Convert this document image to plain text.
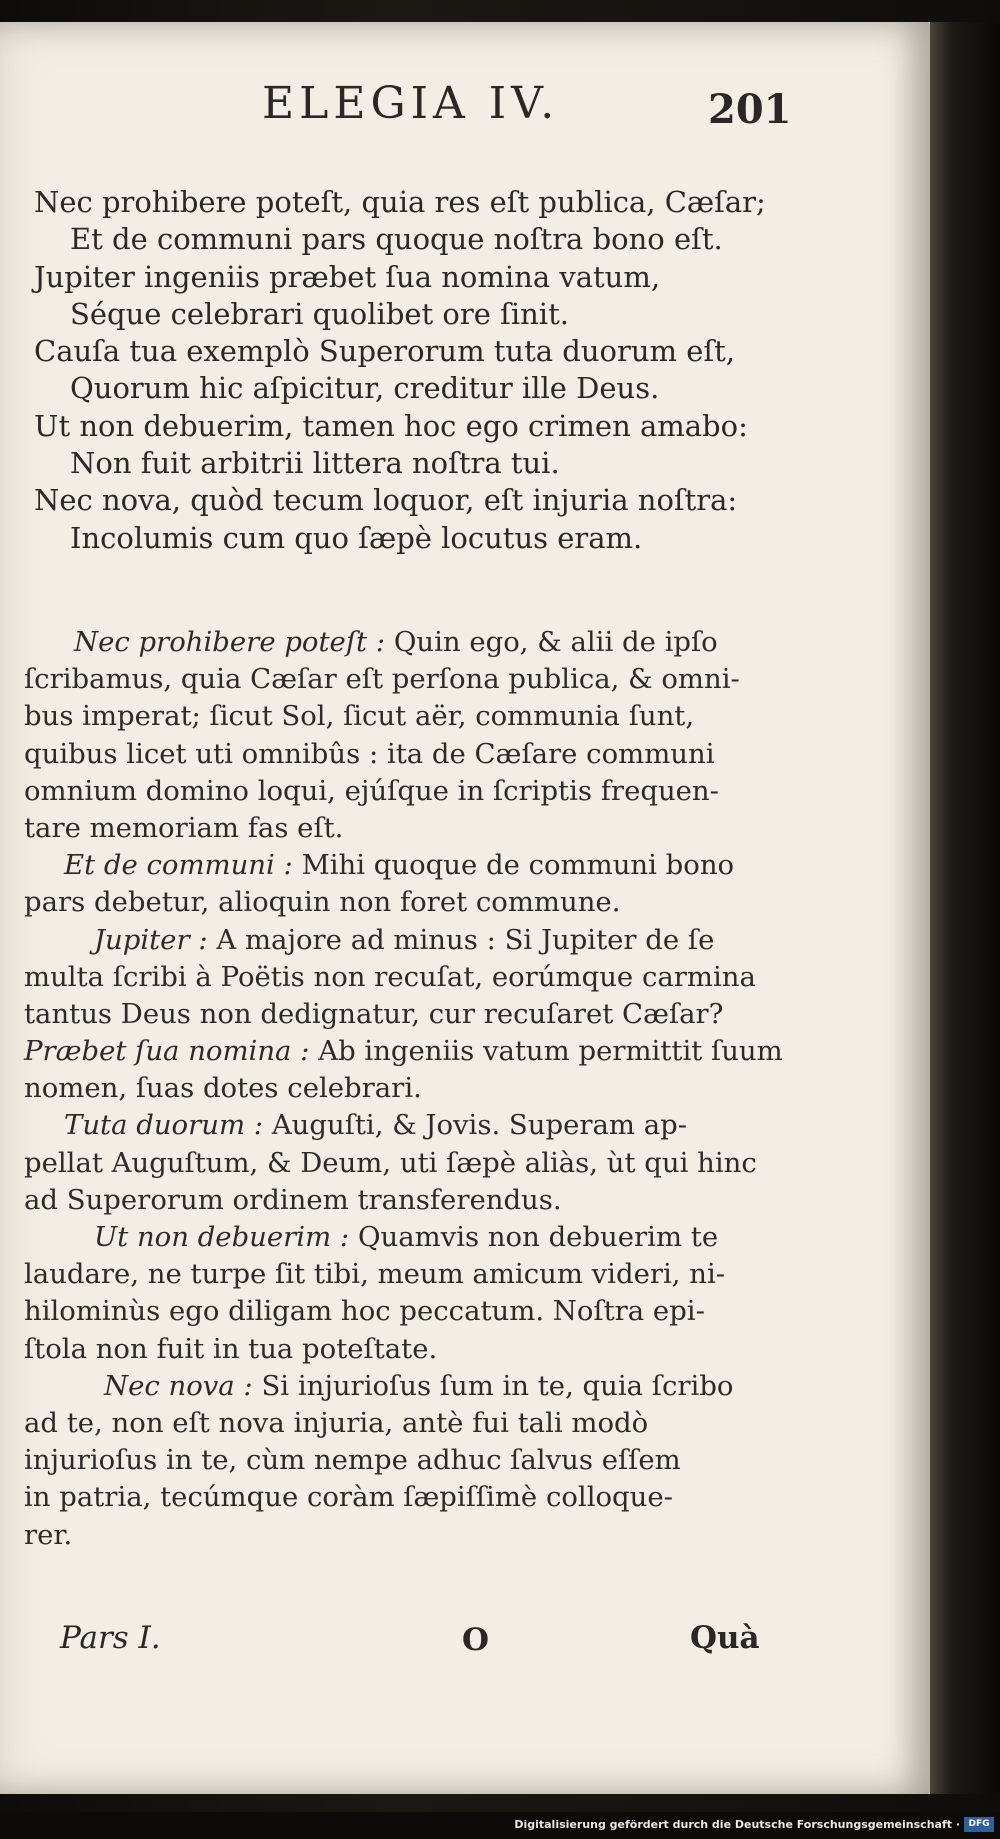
ELEGIA IV.	201
Nec prohibere poteſt, quia res eſt publica, Cæſar;
Et de communi pars quoque noſtra bono eſt.
Jupiter ingeniis præbet ſua nomina vatum,
Séque celebrari quolibet ore ſinit.
Cauſa tua exemplò Superorum tuta duorum eſt,
Quorum hic aſpicitur, creditur ille Deus.
Ut non debuerim, tamen hoc ego crimen amabo:
Non fuit arbitrii littera noſtra tui.
Nec nova, quòd tecum loquor, eſt injuria noſtra:
Incolumis cum quo ſæpè locutus eram.
Nec prohibere poteſt :
Quin ego, & alii de ipſo
ſcribamus, quia Cæſar eſt perſona publica, & omni-
bus imperat; ſicut Sol, ſicut aër, communia ſunt,
quibus licet uti omnibûs : ita de Cæſare communi
omnium domino loqui, ejúſque in ſcriptis frequen-
tare memoriam fas eſt.
Et de communi :
Mihi quoque de communi bono
pars debetur, alioquin non foret commune.
Jupiter :
A majore ad minus : Si Jupiter de ſe
multa ſcribi à Poëtis non recuſat, eorúmque carmina
tantus Deus non dedignatur, cur recuſaret Cæſar?
Præbet ſua nomina :
Ab ingeniis vatum permittit ſuum
nomen, ſuas dotes celebrari.
Tuta duorum :
Auguſti, & Jovis. Superam ap-
pellat Auguſtum, & Deum, uti ſæpè aliàs, ùt qui hinc
ad Superorum ordinem transferendus.
Ut non debuerim :
Quamvis non debuerim te
laudare, ne turpe ſit tibi, meum amicum videri, ni-
hilominùs ego diligam hoc peccatum. Noſtra epi-
ſtola non fuit in tua poteſtate.
Nec nova :
Si injurioſus ſum in te, quia ſcribo
ad te, non eſt nova injuria, antè fui tali modò
injurioſus in te, cùm nempe adhuc ſalvus eſſem
in patria, tecúmque coràm ſæpiſſimè colloque-
rer.
Pars I.	O	Quà
Digitalisierung gefördert durch die Deutsche Forschungsgemeinschaft · DFG
